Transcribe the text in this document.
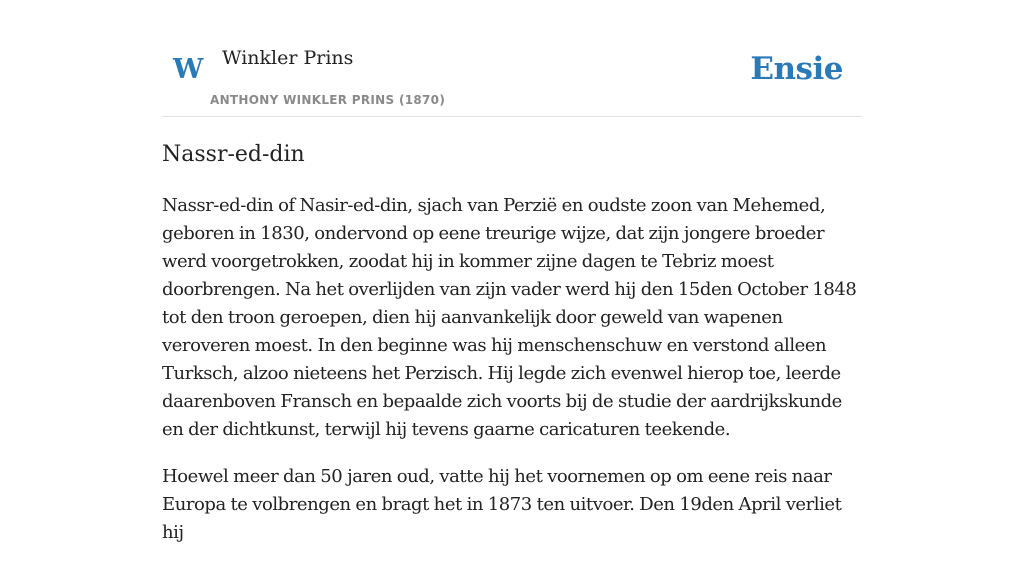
W Winkler Prins
ANTHONY WINKLER PRINS (1870)
Ensie
Nassr-ed-din

Nassr-ed-din of Nasir-ed-din, sjach van Perzië en oudste zoon van Mehemed, geboren in 1830, ondervond op eene treurige wijze, dat zijn jongere broeder werd voorgetrokken, zoodat hij in kommer zijne dagen te Tebriz moest doorbrengen. Na het overlijden van zijn vader werd hij den 15den October 1848 tot den troon geroepen, dien hij aanvankelijk door geweld van wapenen veroveren moest. In den beginne was hij menschenschuw en verstond alleen Turksch, alzoo nieteens het Perzisch. Hij legde zich evenwel hierop toe, leerde daarenboven Fransch en bepaalde zich voorts bij de studie der aardrijkskunde en der dichtkunst, terwijl hij tevens gaarne caricaturen teekende.

Hoewel meer dan 50 jaren oud, vatte hij het voornemen op om eene reis naar Europa te volbrengen en bragt het in 1873 ten uitvoer. Den 19den April verliet hij
